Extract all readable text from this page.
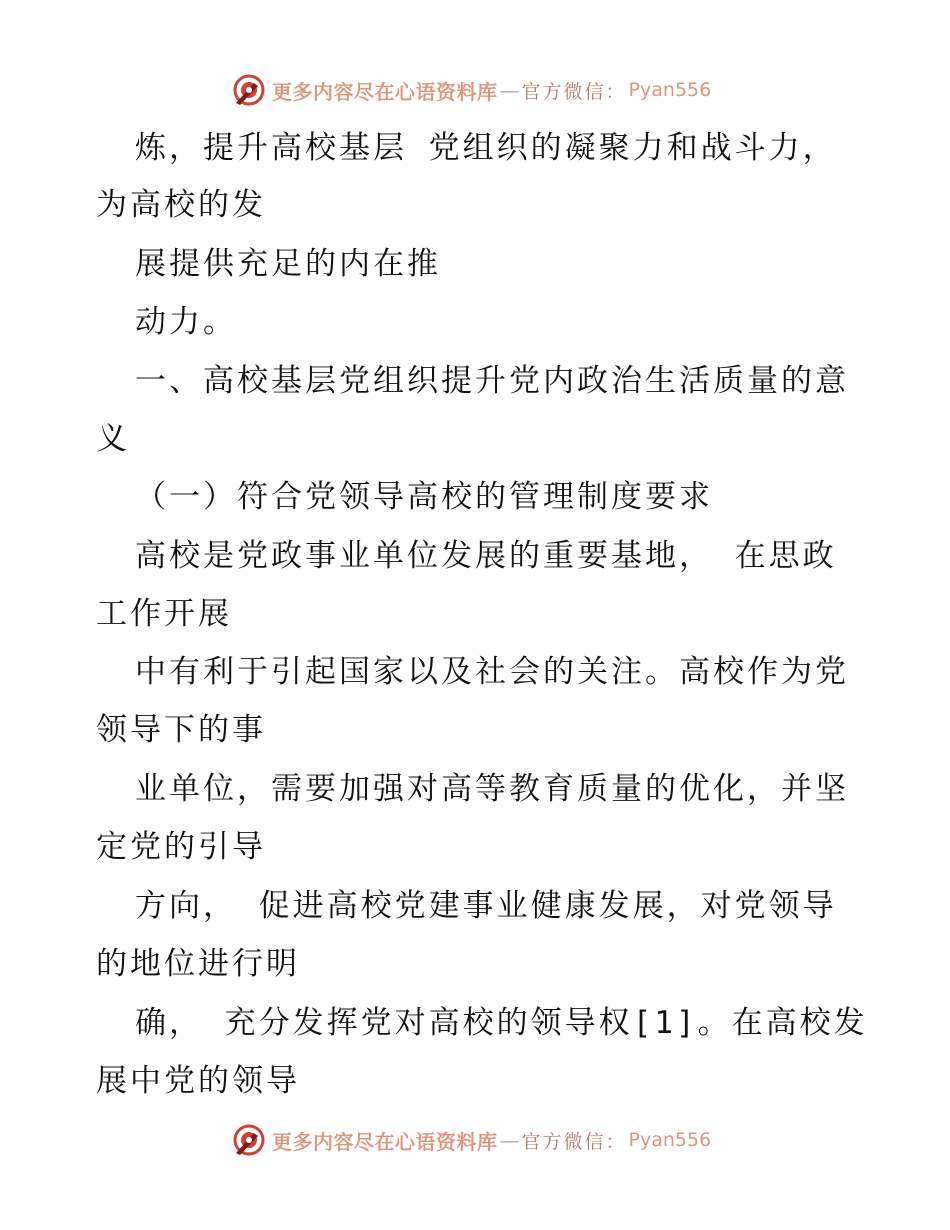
更多内容尽在心语资料库 — 官方微信： Pyan556
炼，提升高校基层 党组织的凝聚力和战斗力，
为高校的发
展提供充足的内在推
动力。
一、高校基层党组织提升党内政治生活质量的意
义
（一）符合党领导高校的管理制度要求
高校是党政事业单位发展的重要基地， 在思政
工作开展
中有利于引起国家以及社会的关注。高校作为党
领导下的事
业单位，需要加强对高等教育质量的优化，并坚
定党的引导
方向， 促进高校党建事业健康发展，对党领导
的地位进行明
确， 充分发挥党对高校的领导权[1]。在高校发
展中党的领导
更多内容尽在心语资料库 — 官方微信： Pyan556
